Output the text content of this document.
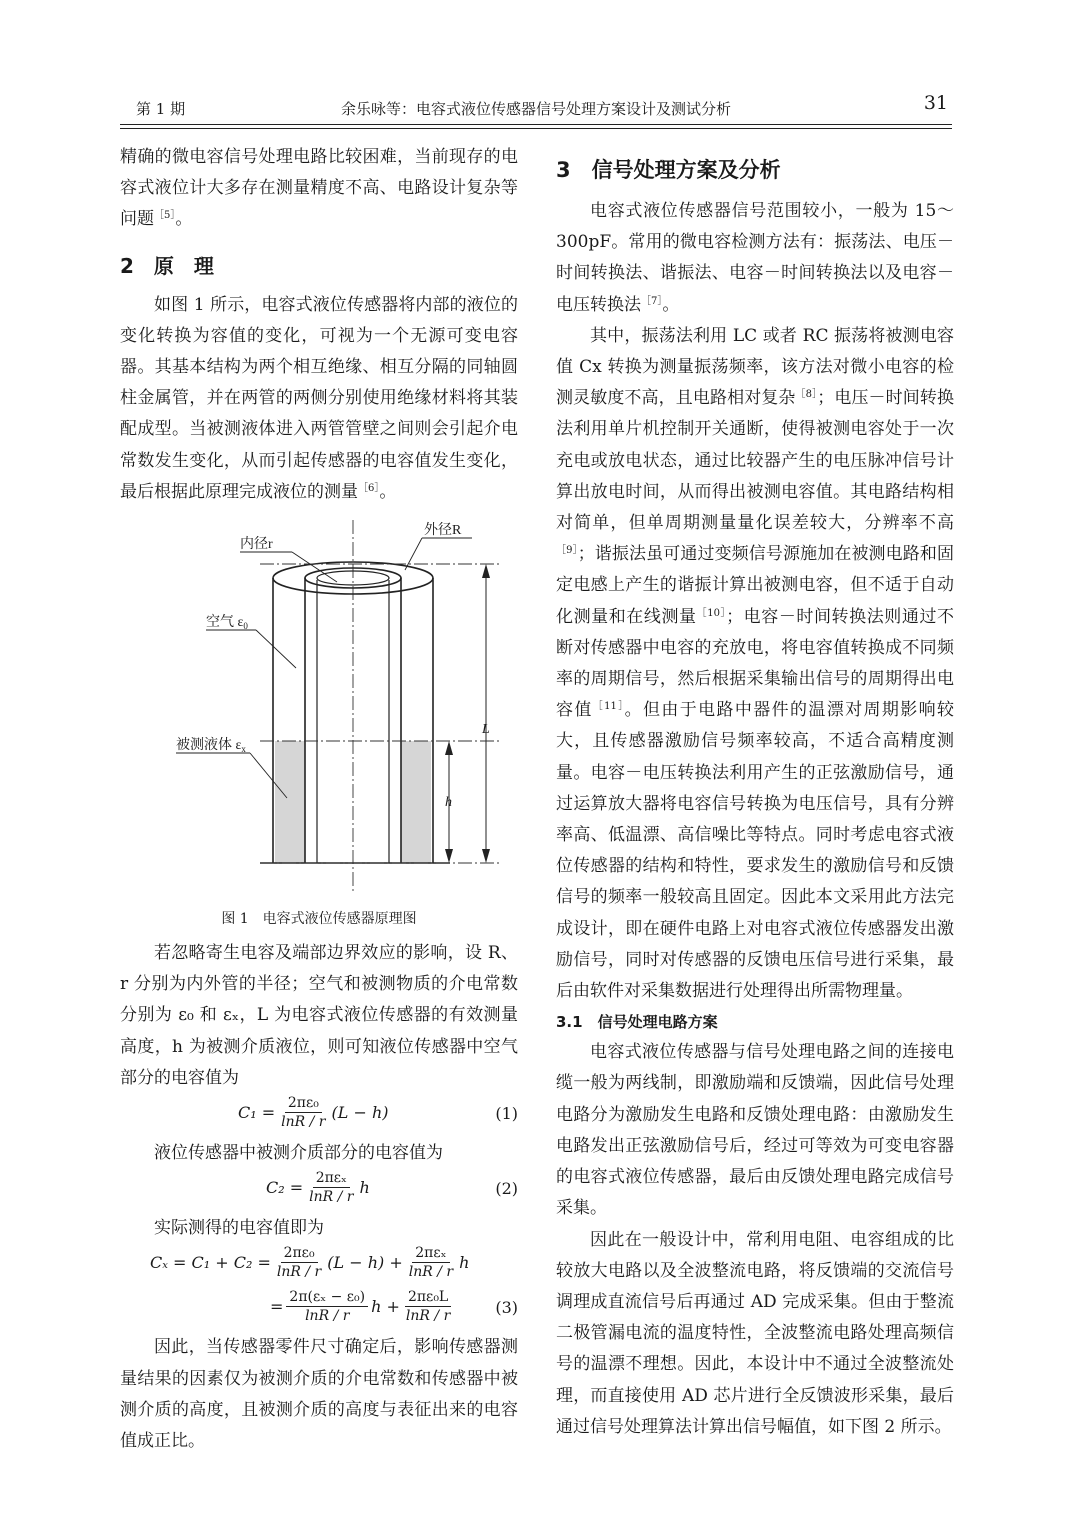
第 1 期	余乐咏等：电容式液位传感器信号处理方案设计及测试分析	31

精确的微电容信号处理电路比较困难，当前现存的电容式液位计大多存在测量精度不高、电路设计复杂等问题$^{[5]}$。

2　原　理

如图 1 所示，电容式液位传感器将内部的液位的变化转换为容值的变化，可视为一个无源可变电容器。其基本结构为两个相互绝缘、相互分隔的同轴圆柱金属管，并在两管的两侧分别使用绝缘材料将其装配成型。当被测液体进入两管管壁之间则会引起介电常数发生变化，从而引起传感器的电容值发生变化，最后根据此原理完成液位的测量$^{[6]}$。

内径r
外径R
空气 $\varepsilon_0$
被测液体 $\varepsilon_x$
L
h
图 1　电容式液位传感器原理图

若忽略寄生电容及端部边界效应的影响，设 R、r 分别为内外管的半径；空气和被测物质的介电常数分别为 ε₀ 和 εₓ，L 为电容式液位传感器的有效测量高度，h 为被测介质液位，则可知液位传感器中空气部分的电容值为

$C_1 = \frac{\text{2πε₀}}{\ln R / r} (L - h)$	(1)

液位传感器中被测介质部分的电容值为

$C_2 = \frac{\text{2πεₓ}}{\ln R / r}$ h	(2)

实际测得的电容值即为

$C_x = C_1 + C_2 = \frac{\text{2πε₀}}{\ln R / r} (L - h) + \frac{\text{2πεₓ}}{\ln R / r}$ h
= $\frac{\text{2π(εₓ − ε₀)}}{\ln R / r}$ $h + \frac{\text{2πε₀L}}{\ln R / r}$	(3)

因此，当传感器零件尺寸确定后，影响传感器测量结果的因素仅为被测介质的介电常数和传感器中被测介质的高度，且被测介质的高度与表征出来的电容值成正比。

3　信号处理方案及分析

电容式液位传感器信号范围较小，一般为 15～300pF。常用的微电容检测方法有：振荡法、电压－时间转换法、谐振法、电容－时间转换法以及电容－电压转换法$^{[7]}$。

其中，振荡法利用 LC 或者 RC 振荡将被测电容值 Cx 转换为测量振荡频率，该方法对微小电容的检测灵敏度不高，且电路相对复杂$^{[8]}$；电压－时间转换法利用单片机控制开关通断，使得被测电容处于一次充电或放电状态，通过比较器产生的电压脉冲信号计算出放电时间，从而得出被测电容值。其电路结构相对简单，但单周期测量量化误差较大，分辨率不高$^{[9]}$；谐振法虽可通过变频信号源施加在被测电路和固定电感上产生的谐振计算出被测电容，但不适于自动化测量和在线测量$^{[10]}$；电容－时间转换法则通过不断对传感器中电容的充放电，将电容值转换成不同频率的周期信号，然后根据采集输出信号的周期得出电容值$^{[11]}$。但由于电路中器件的温漂对周期影响较大，且传感器激励信号频率较高，不适合高精度测量。电容－电压转换法利用产生的正弦激励信号，通过运算放大器将电容信号转换为电压信号，具有分辨率高、低温漂、高信噪比等特点。同时考虑电容式液位传感器的结构和特性，要求发生的激励信号和反馈信号的频率一般较高且固定。因此本文采用此方法完成设计，即在硬件电路上对电容式液位传感器发出激励信号，同时对传感器的反馈电压信号进行采集，最后由软件对采集数据进行处理得出所需物理量。

3.1　信号处理电路方案

电容式液位传感器与信号处理电路之间的连接电缆一般为两线制，即激励端和反馈端，因此信号处理电路分为激励发生电路和反馈处理电路：由激励发生电路发出正弦激励信号后，经过可等效为可变电容器的电容式液位传感器，最后由反馈处理电路完成信号采集。

因此在一般设计中，常利用电阻、电容组成的比较放大电路以及全波整流电路，将反馈端的交流信号调理成直流信号后再通过 AD 完成采集。但由于整流二极管漏电流的温度特性，全波整流电路处理高频信号的温漂不理想。因此，本设计中不通过全波整流处理，而直接使用 AD 芯片进行全反馈波形采集，最后通过信号处理算法计算出信号幅值，如下图 2 所示。
